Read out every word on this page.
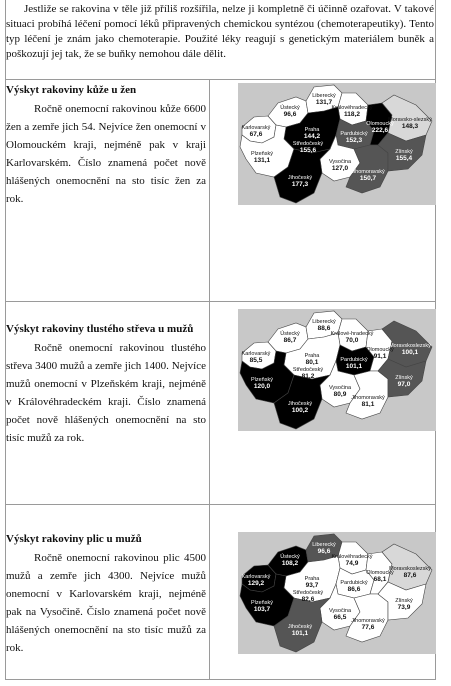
Jestliže se rakovina v těle již příliš rozšířila, nelze ji kompletně či účinně ozařovat. V takové situaci probíhá léčení pomocí léků připravených chemickou syntézou (chemoterapeutiky). Tento typ léčení je znám jako chemoterapie. Použité léky reagují s genetickým materiálem buněk a poškozují jej tak, že se buňky nemohou dále dělit.
Výskyt rakoviny kůže u žen

Ročně onemocní rakovinou kůže 6600 žen a zemře jich 54. Nejvíce žen onemocní v Olomouckém kraji, nejméně pak v kraji Karlovarském. Číslo znamená počet nově hlášených onemocnění na sto tisíc žen za rok.

Karlovarský
67,6
Ústecký
96,6
Liberecký
131,7
Královéhradecký
118,2
Praha
144,2
Středočeský
155,6
Pardubický
152,3
Plzeňský
131,1	Vysočina
127,0
Olomoucký
222,6
Moravsko-slezský
148,3
Jihočeský
177,3
Jihomoravský
150,7
Zlínský
155,4
Výskyt rakoviny tlustého střeva u mužů

Ročně onemocní rakovinou tlustého střeva 3400 mužů a zemře jich 1400. Nejvíce mužů onemocní v Plzeňském kraji, nejméně v Královéhradeckém kraji. Číslo znamená počet nově hlášených onemocnění na sto tisíc mužů za rok.

Karlovarský
85,5
Ústecký
86,7
Liberecký
88,6
Králové-hradecký
70,0
Praha
80,1
Středočeský
81,2
Pardubický
101,1
Plzeňský
120,0	Vysočina
80,9
Olomoucký
91,1
Moravskoslezský
100,1
Jihočeský
100,2
Jihomoravský
81,1
Zlínský
97,0
Výskyt rakoviny plic u mužů

Ročně onemocní rakovinou plic 4500 mužů a zemře jich 4300. Nejvíce mužů onemocní v Karlovarském kraji, nejméně pak na Vysočině. Číslo znamená počet nově hlášených onemocnění na sto tisíc mužů za rok.

Karlovarský
129,2
Ústecký
108,2
Liberecký
96,6
Královéhradecký
74,9
Praha
93,7
Středočeský
82,6
Pardubický
86,6
Plzeňský
103,7	Vysočina
66,5
Olomoucký
68,1
Moravskoslezský
87,6
Jihočeský
101,1
Jihomoravský
77,6
Zlínský
73,9
